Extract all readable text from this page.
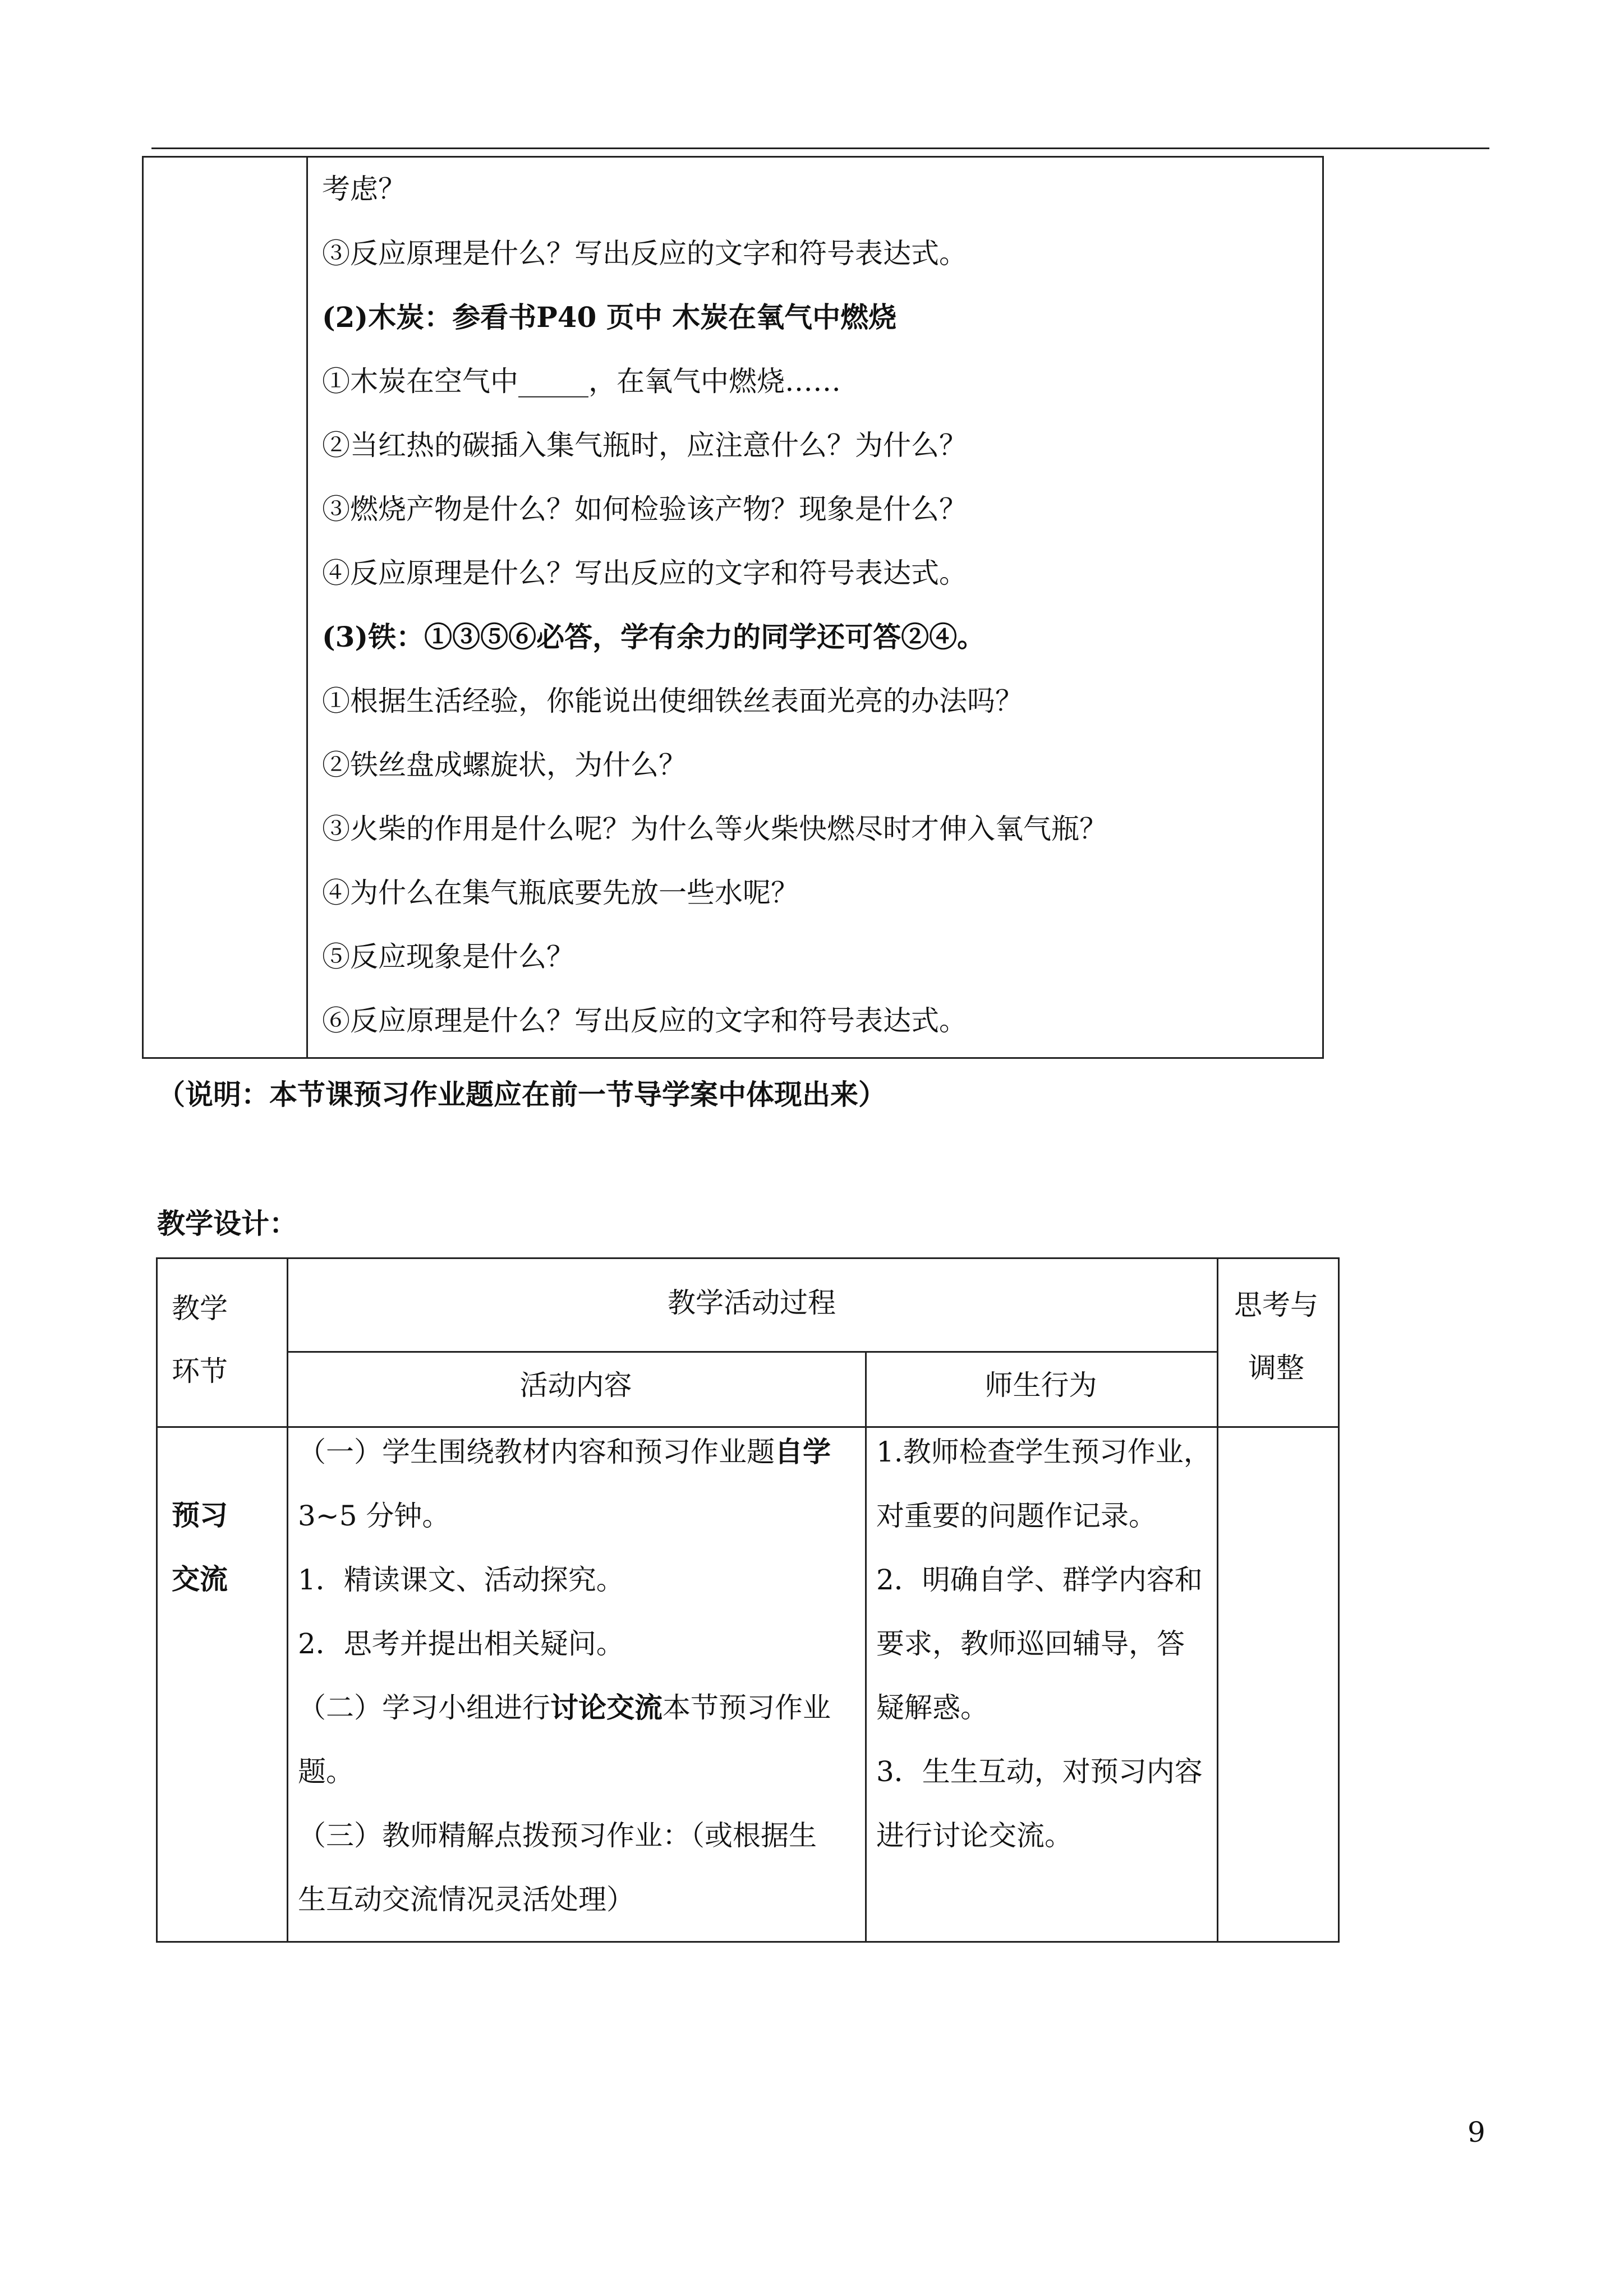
考虑？
③反应原理是什么？写出反应的文字和符号表达式。
(2)木炭：参看书P40 页中 木炭在氧气中燃烧
①木炭在空气中_____，在氧气中燃烧……
②当红热的碳插入集气瓶时，应注意什么？为什么？
③燃烧产物是什么？如何检验该产物？现象是什么？
④反应原理是什么？写出反应的文字和符号表达式。
(3)铁：①③⑤⑥必答，学有余力的同学还可答②④。
①根据生活经验，你能说出使细铁丝表面光亮的办法吗？
②铁丝盘成螺旋状，为什么？
③火柴的作用是什么呢？为什么等火柴快燃尽时才伸入氧气瓶？
④为什么在集气瓶底要先放一些水呢？
⑤反应现象是什么？
⑥反应原理是什么？写出反应的文字和符号表达式。
（说明：本节课预习作业题应在前一节导学案中体现出来）
教学设计：
教学
环节
教学活动过程
活动内容	师生行为
思考与
调整
预习
交流
（一）学生围绕教材内容和预习作业题自学
3~5 分钟。
1．精读课文、活动探究。
2．思考并提出相关疑问。
（二）学习小组进行讨论交流本节预习作业
题。
（三）教师精解点拨预习作业：（或根据生
生互动交流情况灵活处理）
1.教师检查学生预习作业，
对重要的问题作记录。
2．明确自学、群学内容和
要求，教师巡回辅导，答
疑解惑。
3．生生互动，对预习内容
进行讨论交流。
9
